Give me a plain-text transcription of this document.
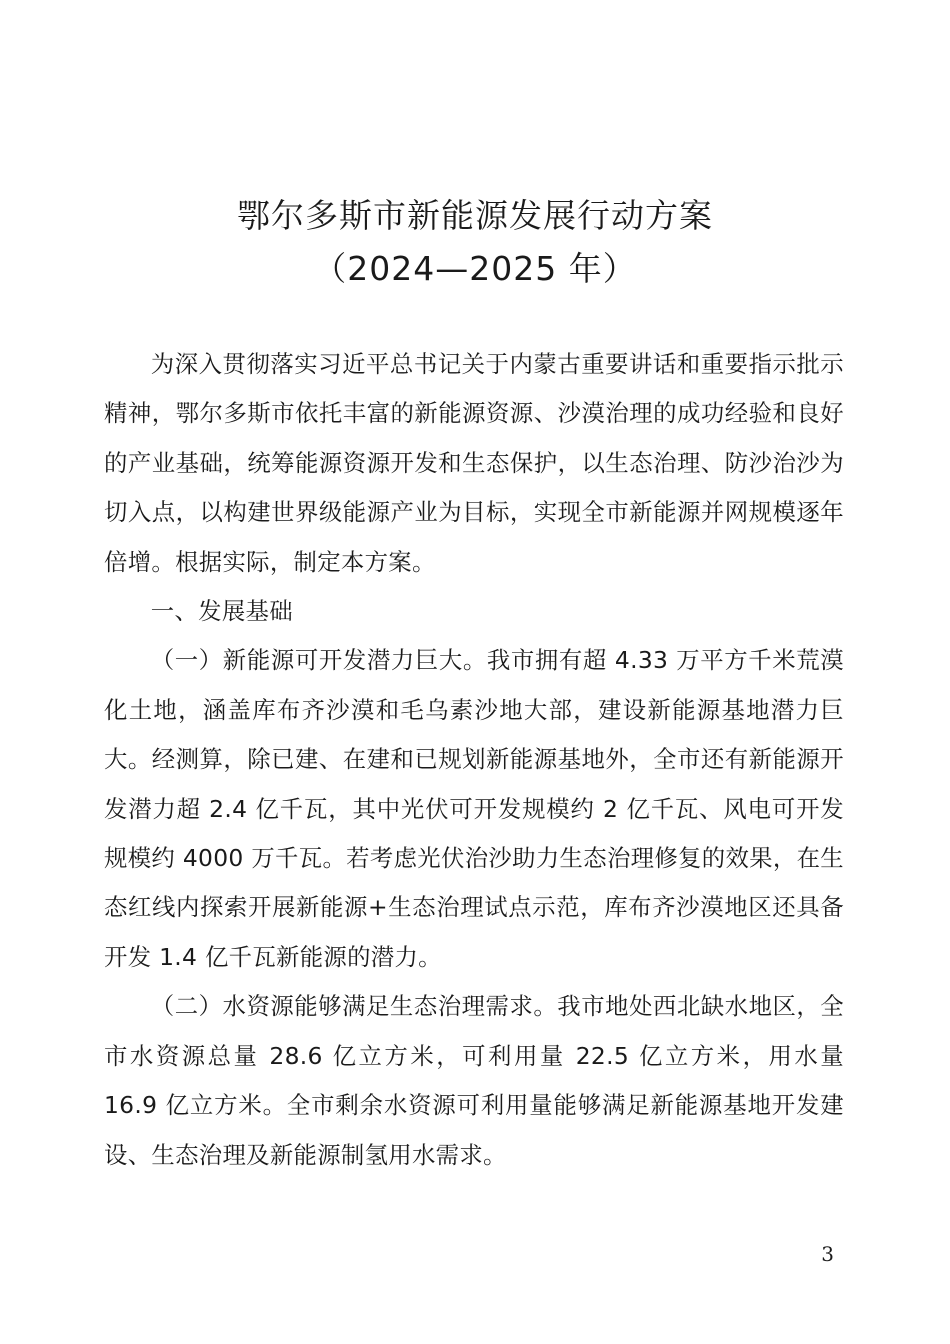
鄂尔多斯市新能源发展行动方案
（2024—2025 年）

为深入贯彻落实习近平总书记关于内蒙古重要讲话和重要指示批示精神，鄂尔多斯市依托丰富的新能源资源、沙漠治理的成功经验和良好的产业基础，统筹能源资源开发和生态保护，以生态治理、防沙治沙为切入点，以构建世界级能源产业为目标，实现全市新能源并网规模逐年倍增。根据实际，制定本方案。

一、发展基础

（一）新能源可开发潜力巨大。我市拥有超 4.33 万平方千米荒漠化土地，涵盖库布齐沙漠和毛乌素沙地大部，建设新能源基地潜力巨大。经测算，除已建、在建和已规划新能源基地外，全市还有新能源开发潜力超 2.4 亿千瓦，其中光伏可开发规模约 2 亿千瓦、风电可开发规模约 4000 万千瓦。若考虑光伏治沙助力生态治理修复的效果，在生态红线内探索开展新能源+生态治理试点示范，库布齐沙漠地区还具备开发 1.4 亿千瓦新能源的潜力。

（二）水资源能够满足生态治理需求。我市地处西北缺水地区，全市水资源总量 28.6 亿立方米，可利用量 22.5 亿立方米，用水量 16.9 亿立方米。全市剩余水资源可利用量能够满足新能源基地开发建设、生态治理及新能源制氢用水需求。

3
